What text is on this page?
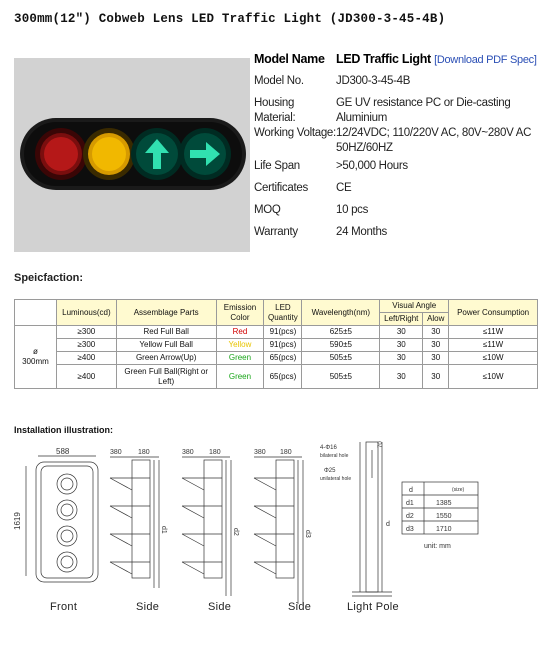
300mm(12") Cobweb Lens LED Traffic Light (JD300-3-45-4B)
Model Name LED Traffic Light [Download PDF Spec]
Model No.	JD300-3-45-4B
Housing Material:
GE UV resistance PC or Die-casting Aluminium
Working Voltage: 12/24VDC; 110/220V AC, 80V~280V AC 50HZ/60HZ
Life Span	>50,000 Hours
Certificates	CE
MOQ	10 pcs
Warranty	24 Months
Speicfaction:
	Luminous(cd)	Assemblage Parts	Emission Color	LED Quantity	Wavelength(nm)	Visual Angle		Power Consumption
						Left/Right	Alow	
ø
300mm	≥300	Red Full Ball	Red	91(pcs)	625±5	30	30	≤11W
	≥300	Yellow Full Ball	Yellow	91(pcs)	590±5	30	30	≤11W
	≥400	Green Arrow(Up)	Green	65(pcs)	505±5	30	30	≤10W
	≥400	Green Full Ball(Right or Left)	Green	65(pcs)	505±5	30	30	≤10W
Installation illustration:
588
1619
380 180
d1
380 180
d2
380 180
d3
4-Φ16
bilateral hole
Φ25
unilateral hole
d
70
d	(size)
d1	1385
d2	1550
d3	1710
unit: mm
Front	Side	Side	Side	Light Pole
